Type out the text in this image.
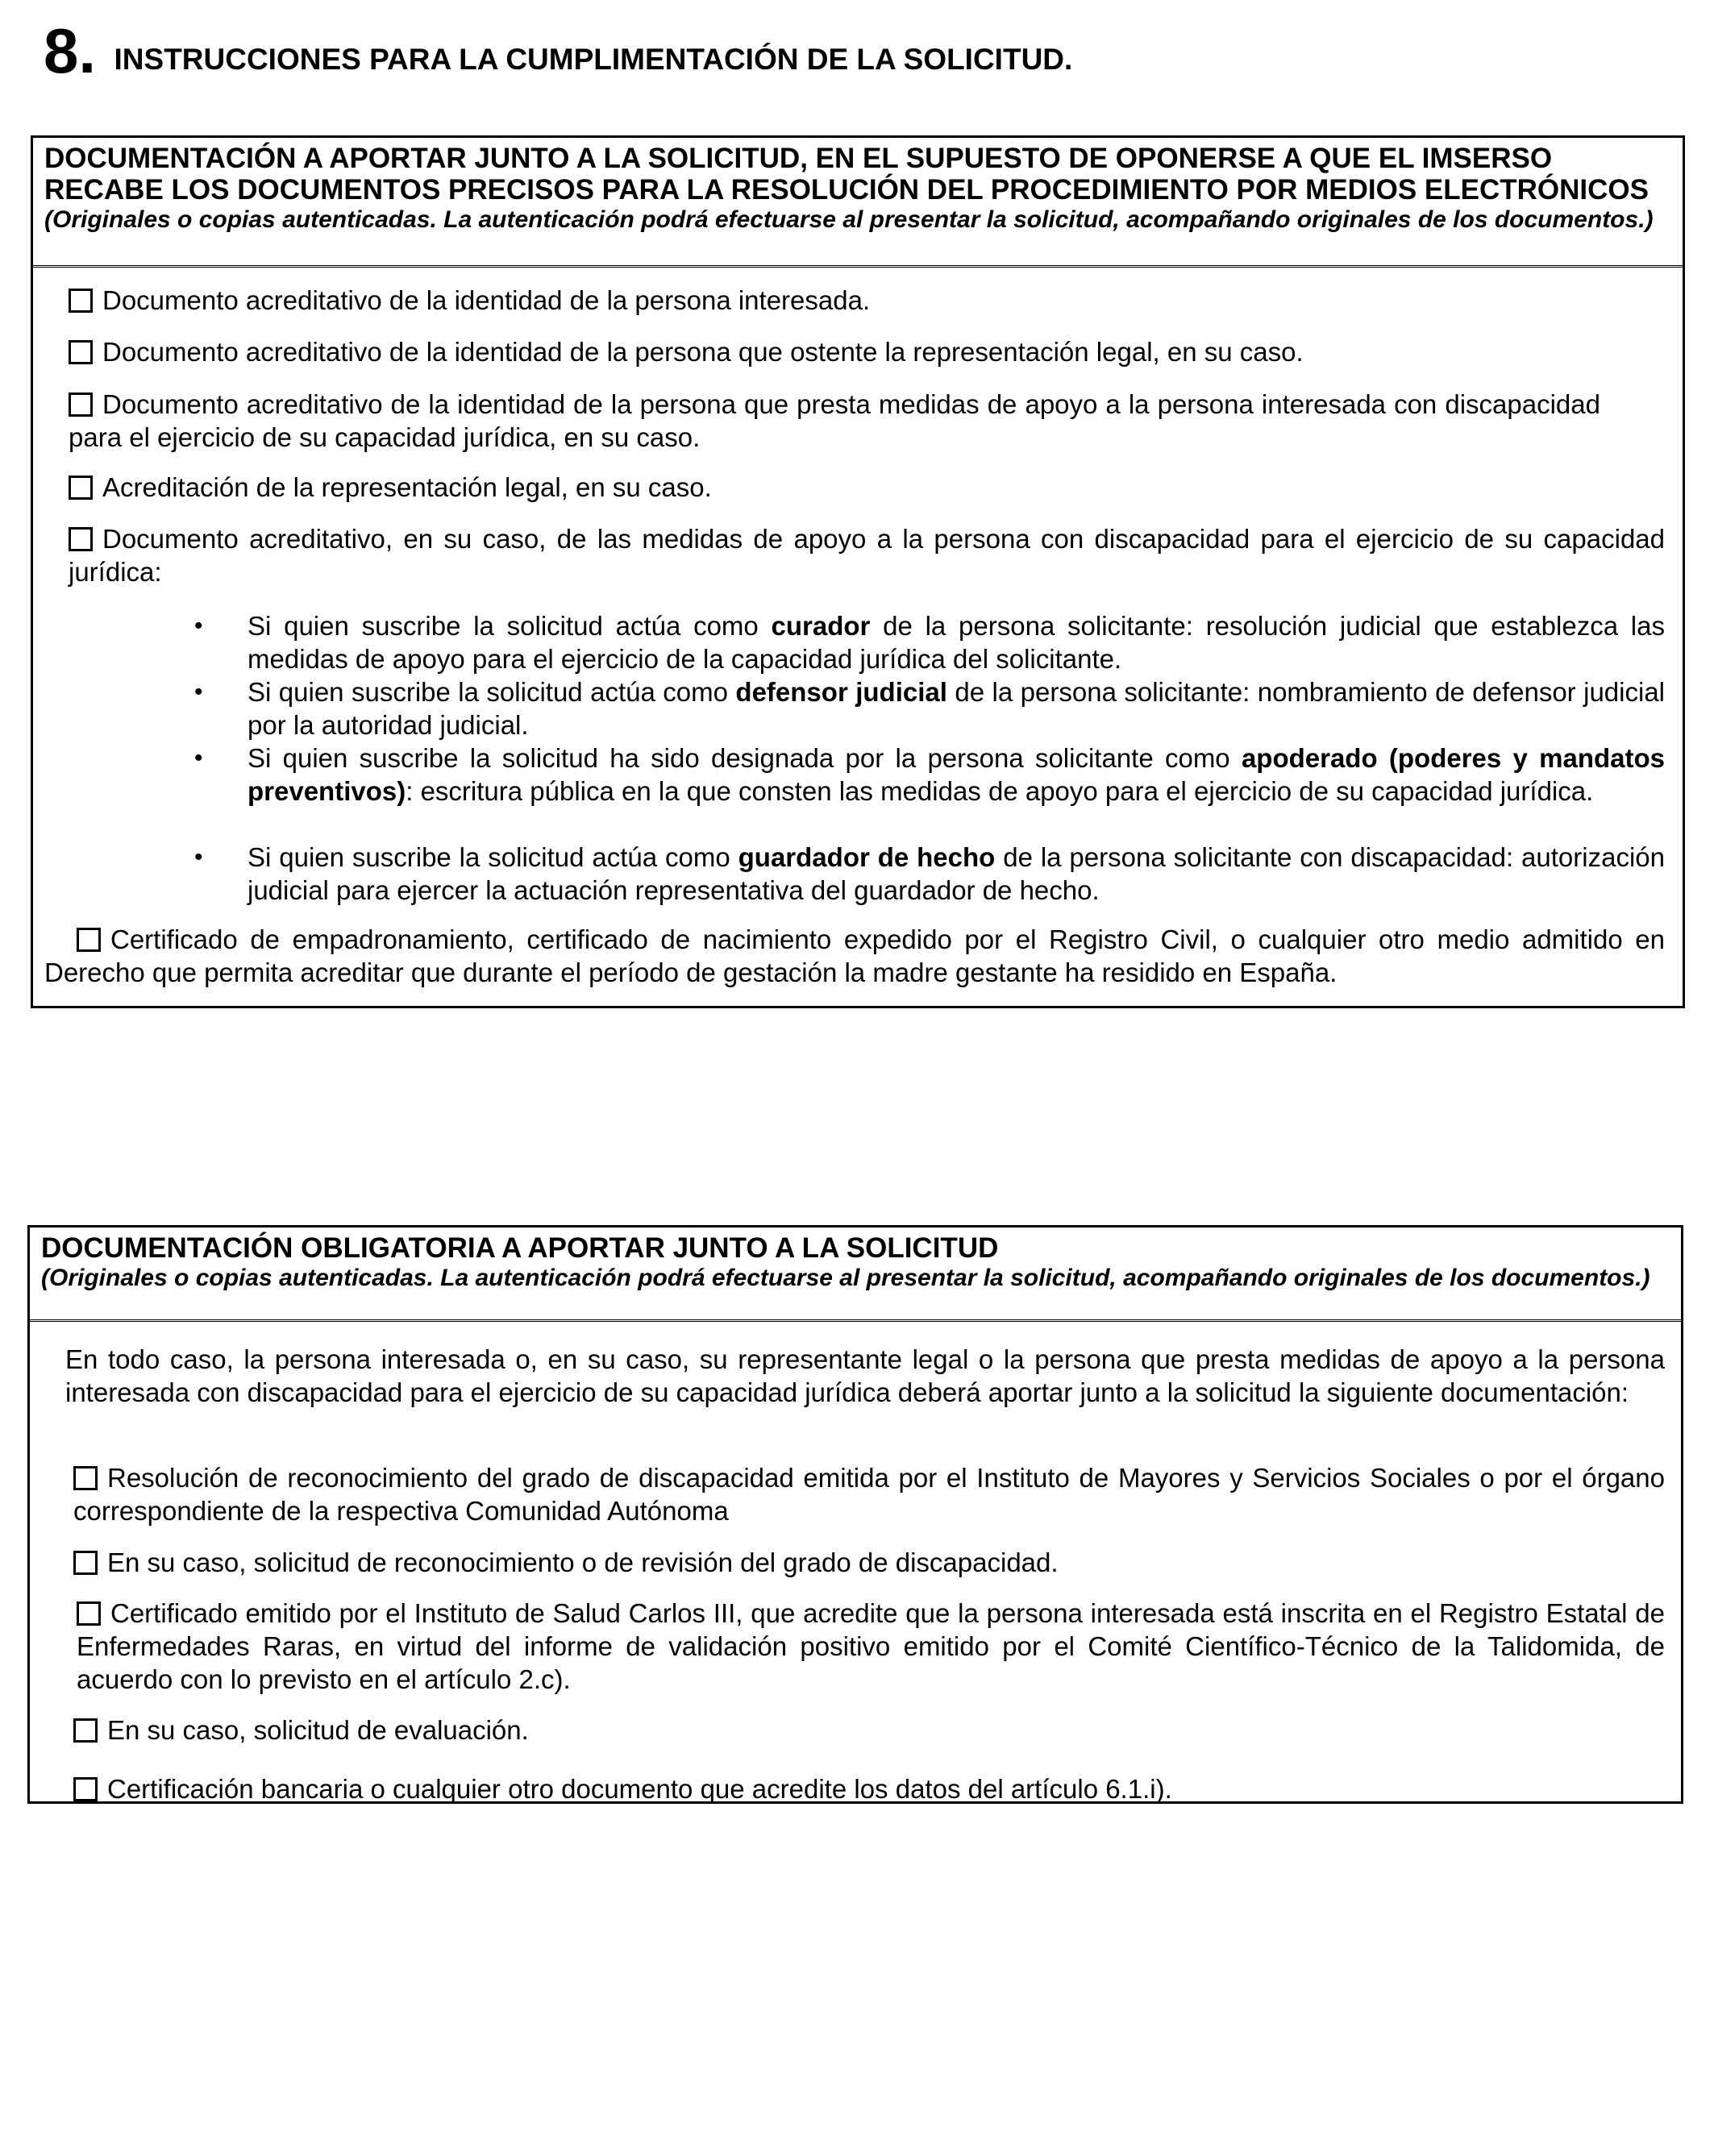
8. INSTRUCCIONES PARA LA CUMPLIMENTACIÓN DE LA SOLICITUD.
DOCUMENTACIÓN A APORTAR JUNTO A LA SOLICITUD, EN EL SUPUESTO DE OPONERSE A QUE EL IMSERSO
RECABE LOS DOCUMENTOS PRECISOS PARA LA RESOLUCIÓN DEL PROCEDIMIENTO POR MEDIOS ELECTRÓNICOS
(Originales o copias autenticadas. La autenticación podrá efectuarse al presentar la solicitud, acompañando originales de los documentos.)
Documento acreditativo de la identidad de la persona interesada.
Documento acreditativo de la identidad de la persona que ostente la representación legal, en su caso.
Documento acreditativo de la identidad de la persona que presta medidas de apoyo a la persona interesada con discapacidadpara el ejercicio de su capacidad jurídica, en su caso.
Acreditación de la representación legal, en su caso.
Documento acreditativo, en su caso, de las medidas de apoyo a la persona con discapacidad para el ejercicio de su capacidad jurídica:
• Si quien suscribe la solicitud actúa como curador de la persona solicitante: resolución judicial que establezca las medidas de apoyo para el ejercicio de la capacidad jurídica del solicitante.
• Si quien suscribe la solicitud actúa como defensor judicial de la persona solicitante: nombramiento de defensor judicial por la autoridad judicial.
• Si quien suscribe la solicitud ha sido designada por la persona solicitante como apoderado (poderes y mandatos preventivos): escritura pública en la que consten las medidas de apoyo para el ejercicio de su capacidad jurídica.
• Si quien suscribe la solicitud actúa como guardador de hecho de la persona solicitante con discapacidad: autorización judicial para ejercer la actuación representativa del guardador de hecho.
Certificado de empadronamiento, certificado de nacimiento expedido por el Registro Civil, o cualquier otro medio admitido en Derecho que permita acreditar que durante el período de gestación la madre gestante ha residido en España.
DOCUMENTACIÓN OBLIGATORIA A APORTAR JUNTO A LA SOLICITUD
(Originales o copias autenticadas. La autenticación podrá efectuarse al presentar la solicitud, acompañando originales de los documentos.)
En todo caso, la persona interesada o, en su caso, su representante legal o la persona que presta medidas de apoyo a la persona interesada con discapacidad para el ejercicio de su capacidad jurídica deberá aportar junto a la solicitud la siguiente documentación:
Resolución de reconocimiento del grado de discapacidad emitida por el Instituto de Mayores y Servicios Sociales o por el órgano correspondiente de la respectiva Comunidad Autónoma
En su caso, solicitud de reconocimiento o de revisión del grado de discapacidad.
Certificado emitido por el Instituto de Salud Carlos III, que acredite que la persona interesada está inscrita en el Registro Estatal de Enfermedades Raras, en virtud del informe de validación positivo emitido por el Comité Científico-Técnico de la Talidomida, de acuerdo con lo previsto en el artículo 2.c).
En su caso, solicitud de evaluación.
Certificación bancaria o cualquier otro documento que acredite los datos del artículo 6.1.i).
